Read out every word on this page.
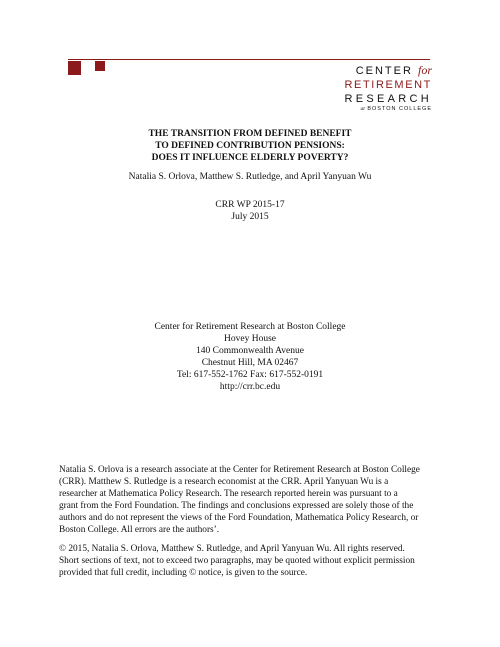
CENTER for
RETIREMENT
RESEARCH
at BOSTON COLLEGE
THE TRANSITION FROM DEFINED BENEFIT
TO DEFINED CONTRIBUTION PENSIONS:
DOES IT INFLUENCE ELDERLY POVERTY?
Natalia S. Orlova, Matthew S. Rutledge, and April Yanyuan Wu
CRR WP 2015-17
July 2015
Center for Retirement Research at Boston College
Hovey House
140 Commonwealth Avenue
Chestnut Hill, MA 02467
Tel: 617-552-1762 Fax: 617-552-0191
http://crr.bc.edu
Natalia S. Orlova is a research associate at the Center for Retirement Research at Boston College
(CRR). Matthew S. Rutledge is a research economist at the CRR. April Yanyuan Wu is a
researcher at Mathematica Policy Research. The research reported herein was pursuant to a
grant from the Ford Foundation. The findings and conclusions expressed are solely those of the
authors and do not represent the views of the Ford Foundation, Mathematica Policy Research, or
Boston College. All errors are the authors’.
© 2015, Natalia S. Orlova, Matthew S. Rutledge, and April Yanyuan Wu. All rights reserved.
Short sections of text, not to exceed two paragraphs, may be quoted without explicit permission
provided that full credit, including © notice, is given to the source.
